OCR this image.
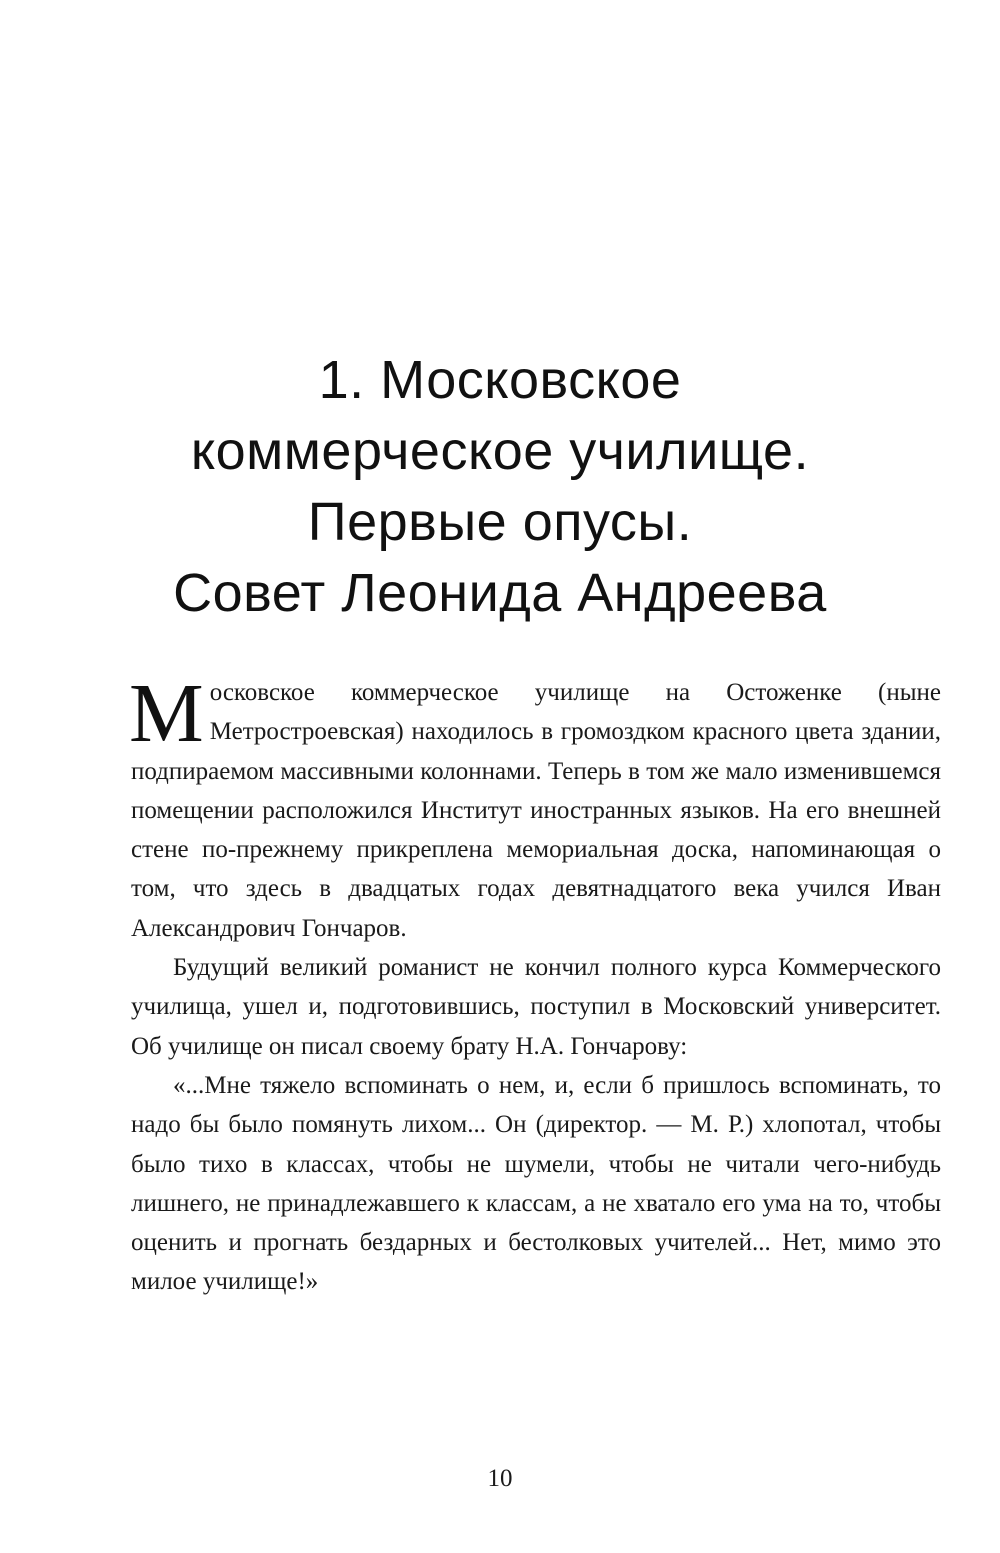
1. Московское
коммерческое училище.
Первые опусы.
Совет Леонида Андреева

Московское коммерческое училище на Остоженке (ныне Метростроевская) находилось в громоздком красного цвета здании, подпираемом массивными колоннами. Теперь в том же мало изменившемся помещении расположился Институт иностранных языков. На его внешней стене по-прежнему прикреплена мемориальная доска, напоминающая о том, что здесь в двадцатых годах девятнадцатого века учился Иван Александрович Гончаров.

Будущий великий романист не кончил полного курса Коммерческого училища, ушел и, подготовившись, поступил в Московский университет. Об училище он писал своему брату Н.А. Гончарову:

«...Мне тяжело вспоминать о нем, и, если б пришлось вспоминать, то надо бы было помянуть лихом... Он (директор. — М. Р.) хлопотал, чтобы было тихо в классах, чтобы не шумели, чтобы не читали чего-нибудь лишнего, не принадлежавшего к классам, а не хватало его ума на то, чтобы оценить и прогнать бездарных и бестолковых учителей... Нет, мимо это милое училище!»

10
